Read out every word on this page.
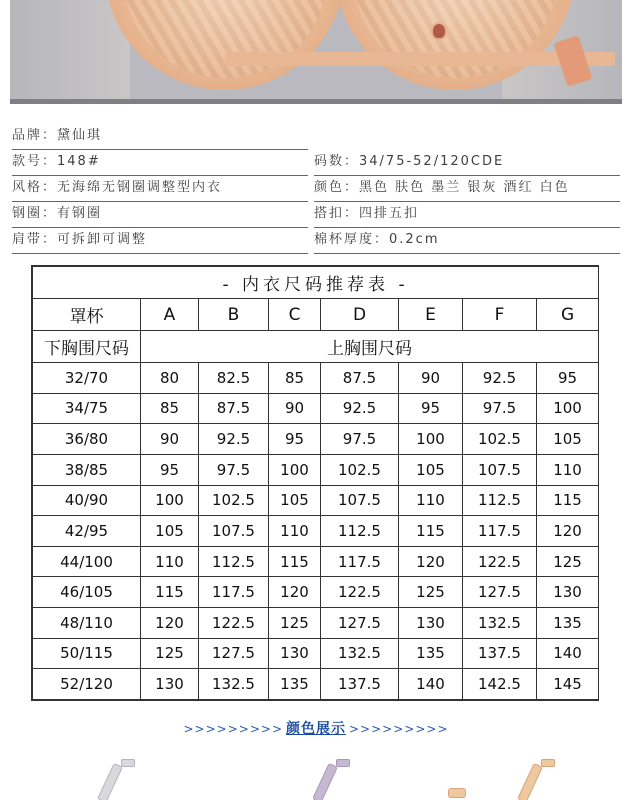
品牌：黛仙琪
款号：148#	码数：34/75-52/120CDE
风格：无海绵无钢圈调整型内衣	颜色：黑色 肤色 墨兰 银灰 酒红 白色
钢圈：有钢圈	搭扣：四排五扣
肩带：可拆卸可调整	棉杯厚度：0.2cm
- 内衣尺码推荐表 -							
罩杯	A	B	C	D	E	F	G
下胸围尺码	上胸围尺码						
32/70	80	82.5	85	87.5	90	92.5	95
34/75	85	87.5	90	92.5	95	97.5	100
36/80	90	92.5	95	97.5	100	102.5	105
38/85	95	97.5	100	102.5	105	107.5	110
40/90	100	102.5	105	107.5	110	112.5	115
42/95	105	107.5	110	112.5	115	117.5	120
44/100	110	112.5	115	117.5	120	122.5	125
46/105	115	117.5	120	122.5	125	127.5	130
48/110	120	122.5	125	127.5	130	132.5	135
50/115	125	127.5	130	132.5	135	137.5	140
52/120	130	132.5	135	137.5	140	142.5	145
>>>>>>>>> 颜色展示 >>>>>>>>>
